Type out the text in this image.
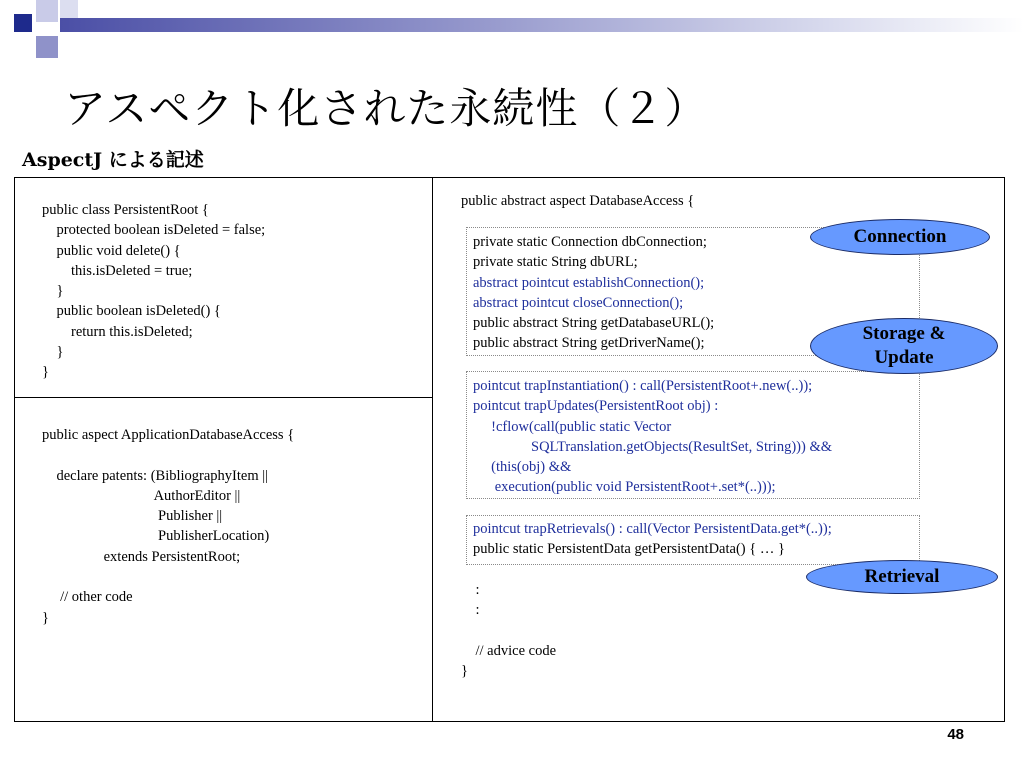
アスペクト化された永続性（２）
AspectJ による記述
public class PersistentRoot {
protected boolean isDeleted = false;
public void delete() {
this.isDeleted = true;
}
public boolean isDeleted() {
return this.isDeleted;
}
}
public aspect ApplicationDatabaseAccess {

declare patents: (BibliographyItem ||
AuthorEditor ||
Publisher ||
PublisherLocation)
extends PersistentRoot;

// other code
}
public abstract aspect DatabaseAccess {
private static Connection dbConnection;
private static String dbURL;
abstract pointcut establishConnection();
abstract pointcut closeConnection();
public abstract String getDatabaseURL();
public abstract String getDriverName();
pointcut trapInstantiation() : call(PersistentRoot+.new(..));
pointcut trapUpdates(PersistentRoot obj) :
!cflow(call(public static Vector
SQLTranslation.getObjects(ResultSet, String))) &&
(this(obj) &&
execution(public void PersistentRoot+.set*(..)));
pointcut trapRetrievals() : call(Vector PersistentData.get*(..));
public static PersistentData getPersistentData() { … }
:
:

// advice code
}
Connection
Storage &
Update
Retrieval
48
